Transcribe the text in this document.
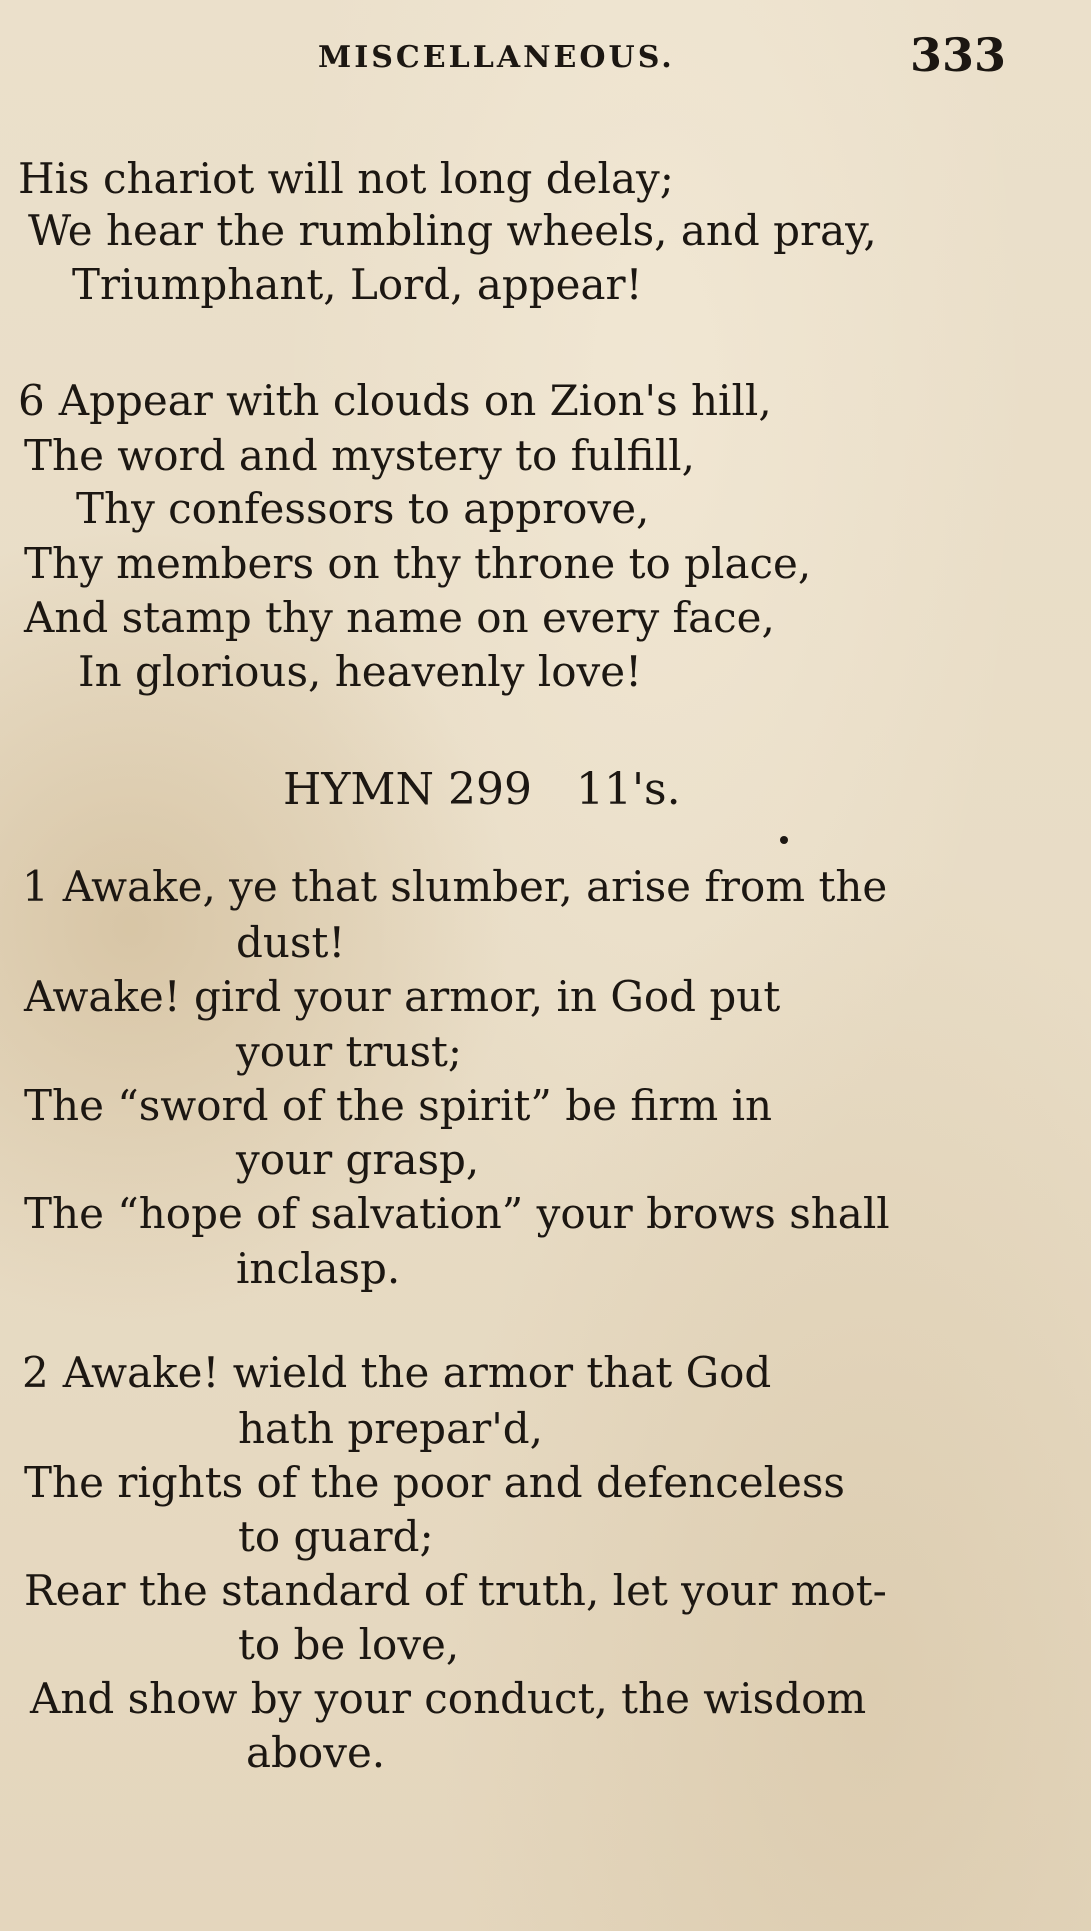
MISCELLANEOUS.	333
His chariot will not long delay;
We hear the rumbling wheels, and pray,
Triumphant, Lord, appear!
6 Appear with clouds on Zion's hill,
The word and mystery to fulfill,
Thy confessors to approve,
Thy members on thy throne to place,
And stamp thy name on every face,
In glorious, heavenly love!
HYMN 299 11's.
1 Awake, ye that slumber, arise from the
dust!
Awake! gird your armor, in God put
your trust;
The “sword of the spirit” be firm in
your grasp,
The “hope of salvation” your brows shall
inclasp.
2 Awake! wield the armor that God
hath prepar'd,
The rights of the poor and defenceless
to guard;
Rear the standard of truth, let your mot-
to be love,
And show by your conduct, the wisdom
above.
